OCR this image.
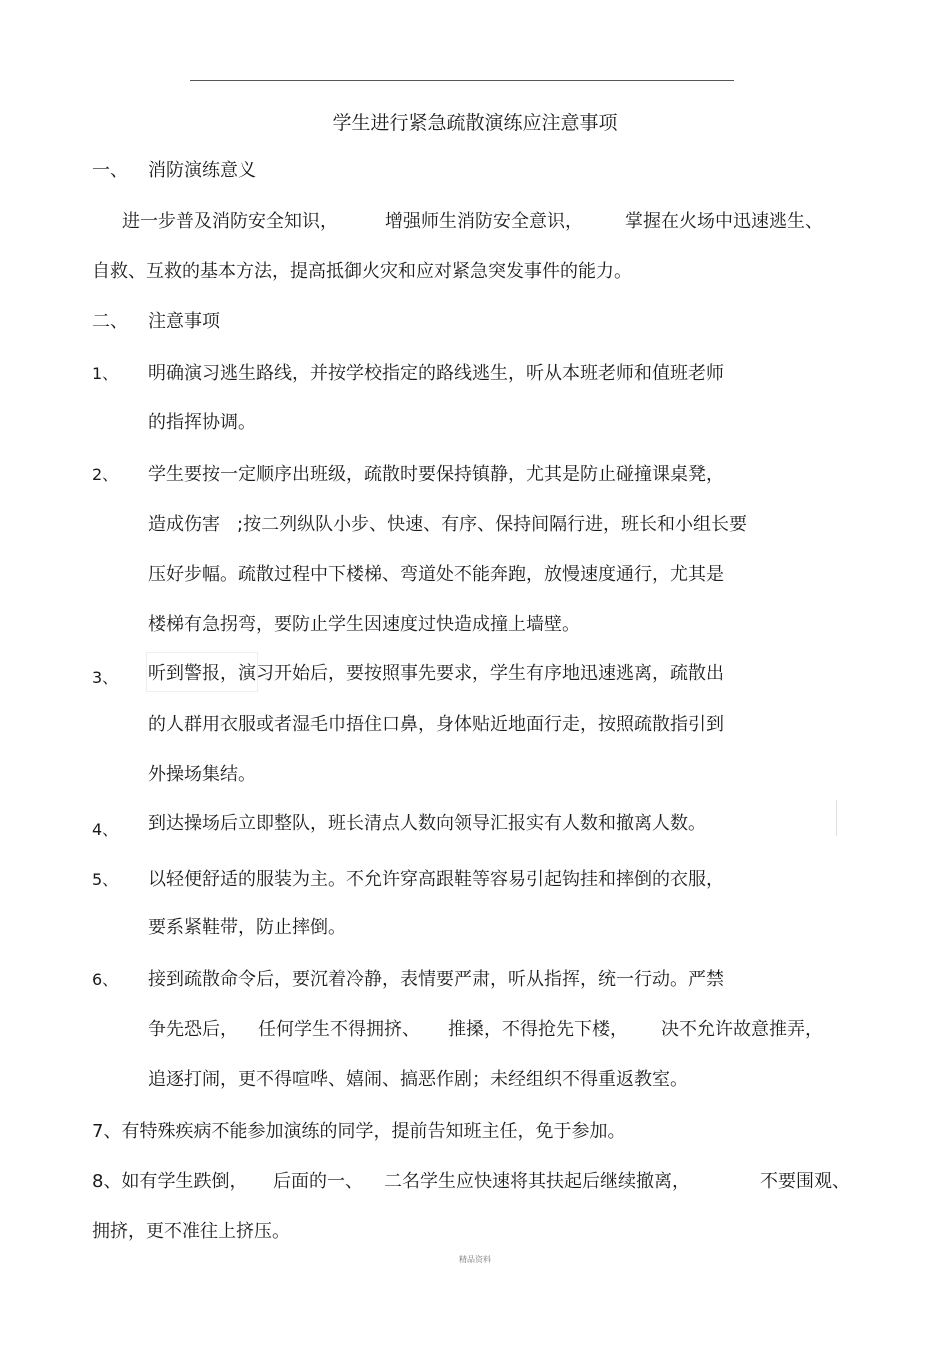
学生进行紧急疏散演练应注意事项
一、 消防演练意义
进一步普及消防安全知识，	增强师生消防安全意识， 掌握在火场中迅速逃生、
自救、互救的基本方法，提高抵御火灾和应对紧急突发事件的能力。
二、 注意事项
1、 明确演习逃生路线，并按学校指定的路线逃生，听从本班老师和值班老师
的指挥协调。
2、 学生要按一定顺序出班级，疏散时要保持镇静，尤其是防止碰撞课桌凳，
造成伤害 ;按二列纵队小步、快速、有序、保持间隔行进，班长和小组长要
压好步幅。疏散过程中下楼梯、弯道处不能奔跑，放慢速度通行，尤其是
楼梯有急拐弯，要防止学生因速度过快造成撞上墙壁。
3、 听到警报，演习开始后，要按照事先要求，学生有序地迅速逃离，疏散出
的人群用衣服或者湿毛巾捂住口鼻，身体贴近地面行走，按照疏散指引到
外操场集结。
4、 到达操场后立即整队，班长清点人数向领导汇报实有人数和撤离人数。
5、 以轻便舒适的服装为主。不允许穿高跟鞋等容易引起钩挂和摔倒的衣服，
要系紧鞋带，防止摔倒。
6、 接到疏散命令后，要沉着冷静，表情要严肃，听从指挥，统一行动。严禁
争先恐后， 任何学生不得拥挤、 推搡，不得抢先下楼， 决不允许故意推弄，
追逐打闹，更不得喧哗、嬉闹、搞恶作剧；未经组织不得重返教室。
7、有特殊疾病不能参加演练的同学，提前告知班主任，免于参加。
8、如有学生跌倒， 后面的一、 二名学生应快速将其扶起后继续撤离，	不要围观、
拥挤，更不准往上挤压。
精品资料
